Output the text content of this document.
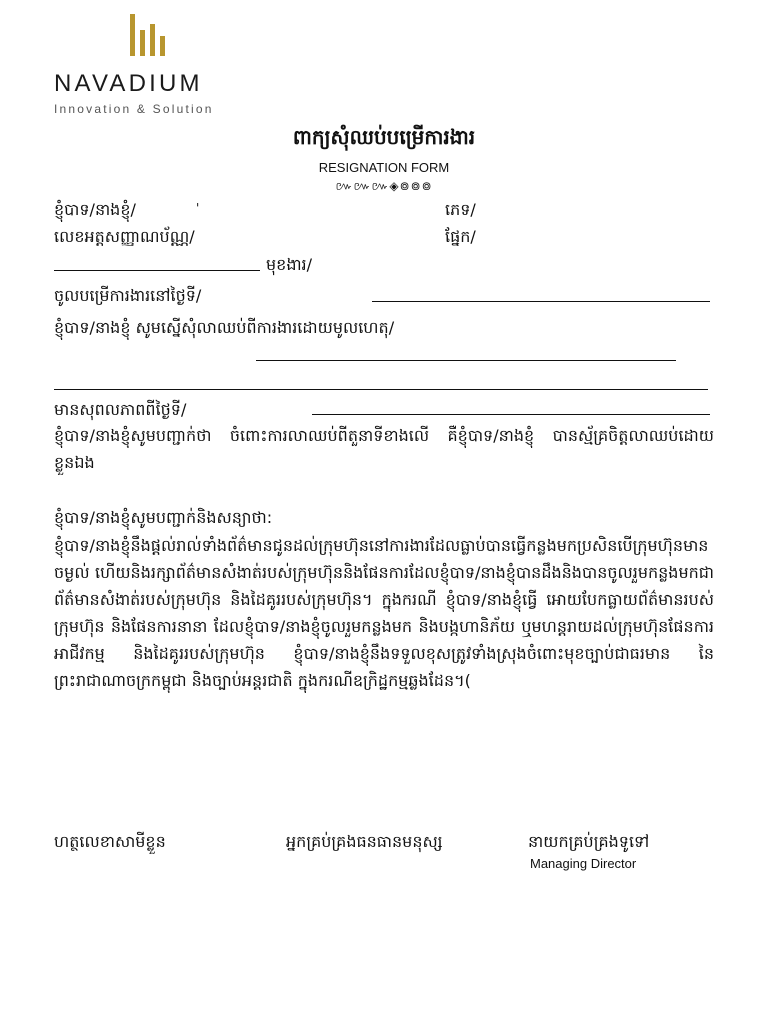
NAVADIUM
Innovation & Solution
ពាក្យសុំឈប់បម្រើការងារ
RESIGNATION FORM
៚៚៚◈៙៙៙
ខ្ញុំបាទ/នាងខ្ញុំ/	'	ភេទ/
លេខអត្តសញ្ញាណប័ណ្ណ/	ផ្នែក/
មុខងារ/
ចូលបម្រើការងារនៅថ្ងៃទី/
ខ្ញុំបាទ/នាងខ្ញុំ សូមស្នើសុំលាឈប់ពីការងារដោយមូលហេតុ/
មានសុពលភាពពីថ្ងៃទី/
ខ្ញុំបាទ/នាងខ្ញុំសូមបញ្ជាក់ថា ចំពោះការលាឈប់ពីតួនាទីខាងលើ គឺខ្ញុំបាទ/នាងខ្ញុំ បានស្ម័គ្រចិត្តលាឈប់ដោយខ្លួនឯង
ខ្ញុំបាទ/នាងខ្ញុំសូមបញ្ជាក់និងសន្យាថា:
ខ្ញុំបាទ/នាងខ្ញុំនឹងផ្តល់រាល់ទាំងព័ត៌មានជូនដល់ក្រុមហ៊ុននៅការងារដែលធ្លាប់បានធ្វើកន្លងមកប្រសិនបើក្រុមហ៊ុនមានចម្ងល់ ហើយនិងរក្សាព័ត៌មានសំងាត់របស់ក្រុមហ៊ុននិងផែនការដែលខ្ញុំបាទ/នាងខ្ញុំបានដឹងនិងបានចូលរួមកន្លងមកជា ព័ត៌មានសំងាត់របស់ក្រុមហ៊ុន និងដៃគូររបស់ក្រុមហ៊ុន។ ក្នុងករណី ខ្ញុំបាទ/នាងខ្ញុំធ្វើ អោយបែកធ្លាយព័ត៌មានរបស់ក្រុមហ៊ុន និងផែនការនានា ដែលខ្ញុំបាទ/នាងខ្ញុំចូលរួមកន្លងមក និងបង្កហានិភ័យ ឬមហន្តរាយដល់ក្រុមហ៊ុនផែនការអាជីវកម្ម និងដៃគូររបស់ក្រុមហ៊ុន ខ្ញុំបាទ/នាងខ្ញុំនឹងទទួលខុសត្រូវទាំងស្រុងចំពោះមុខច្បាប់ជាធរមាន នៃព្រះរាជាណាចក្រកម្ពុជា និងច្បាប់អន្តរជាតិ ក្នុងករណីឧក្រិដ្ឋកម្មឆ្លងដែន។(
ហត្ថលេខាសាមីខ្លួន	អ្នកគ្រប់គ្រងធនធានមនុស្ស	នាយកគ្រប់គ្រងទូទៅ
Managing Director
